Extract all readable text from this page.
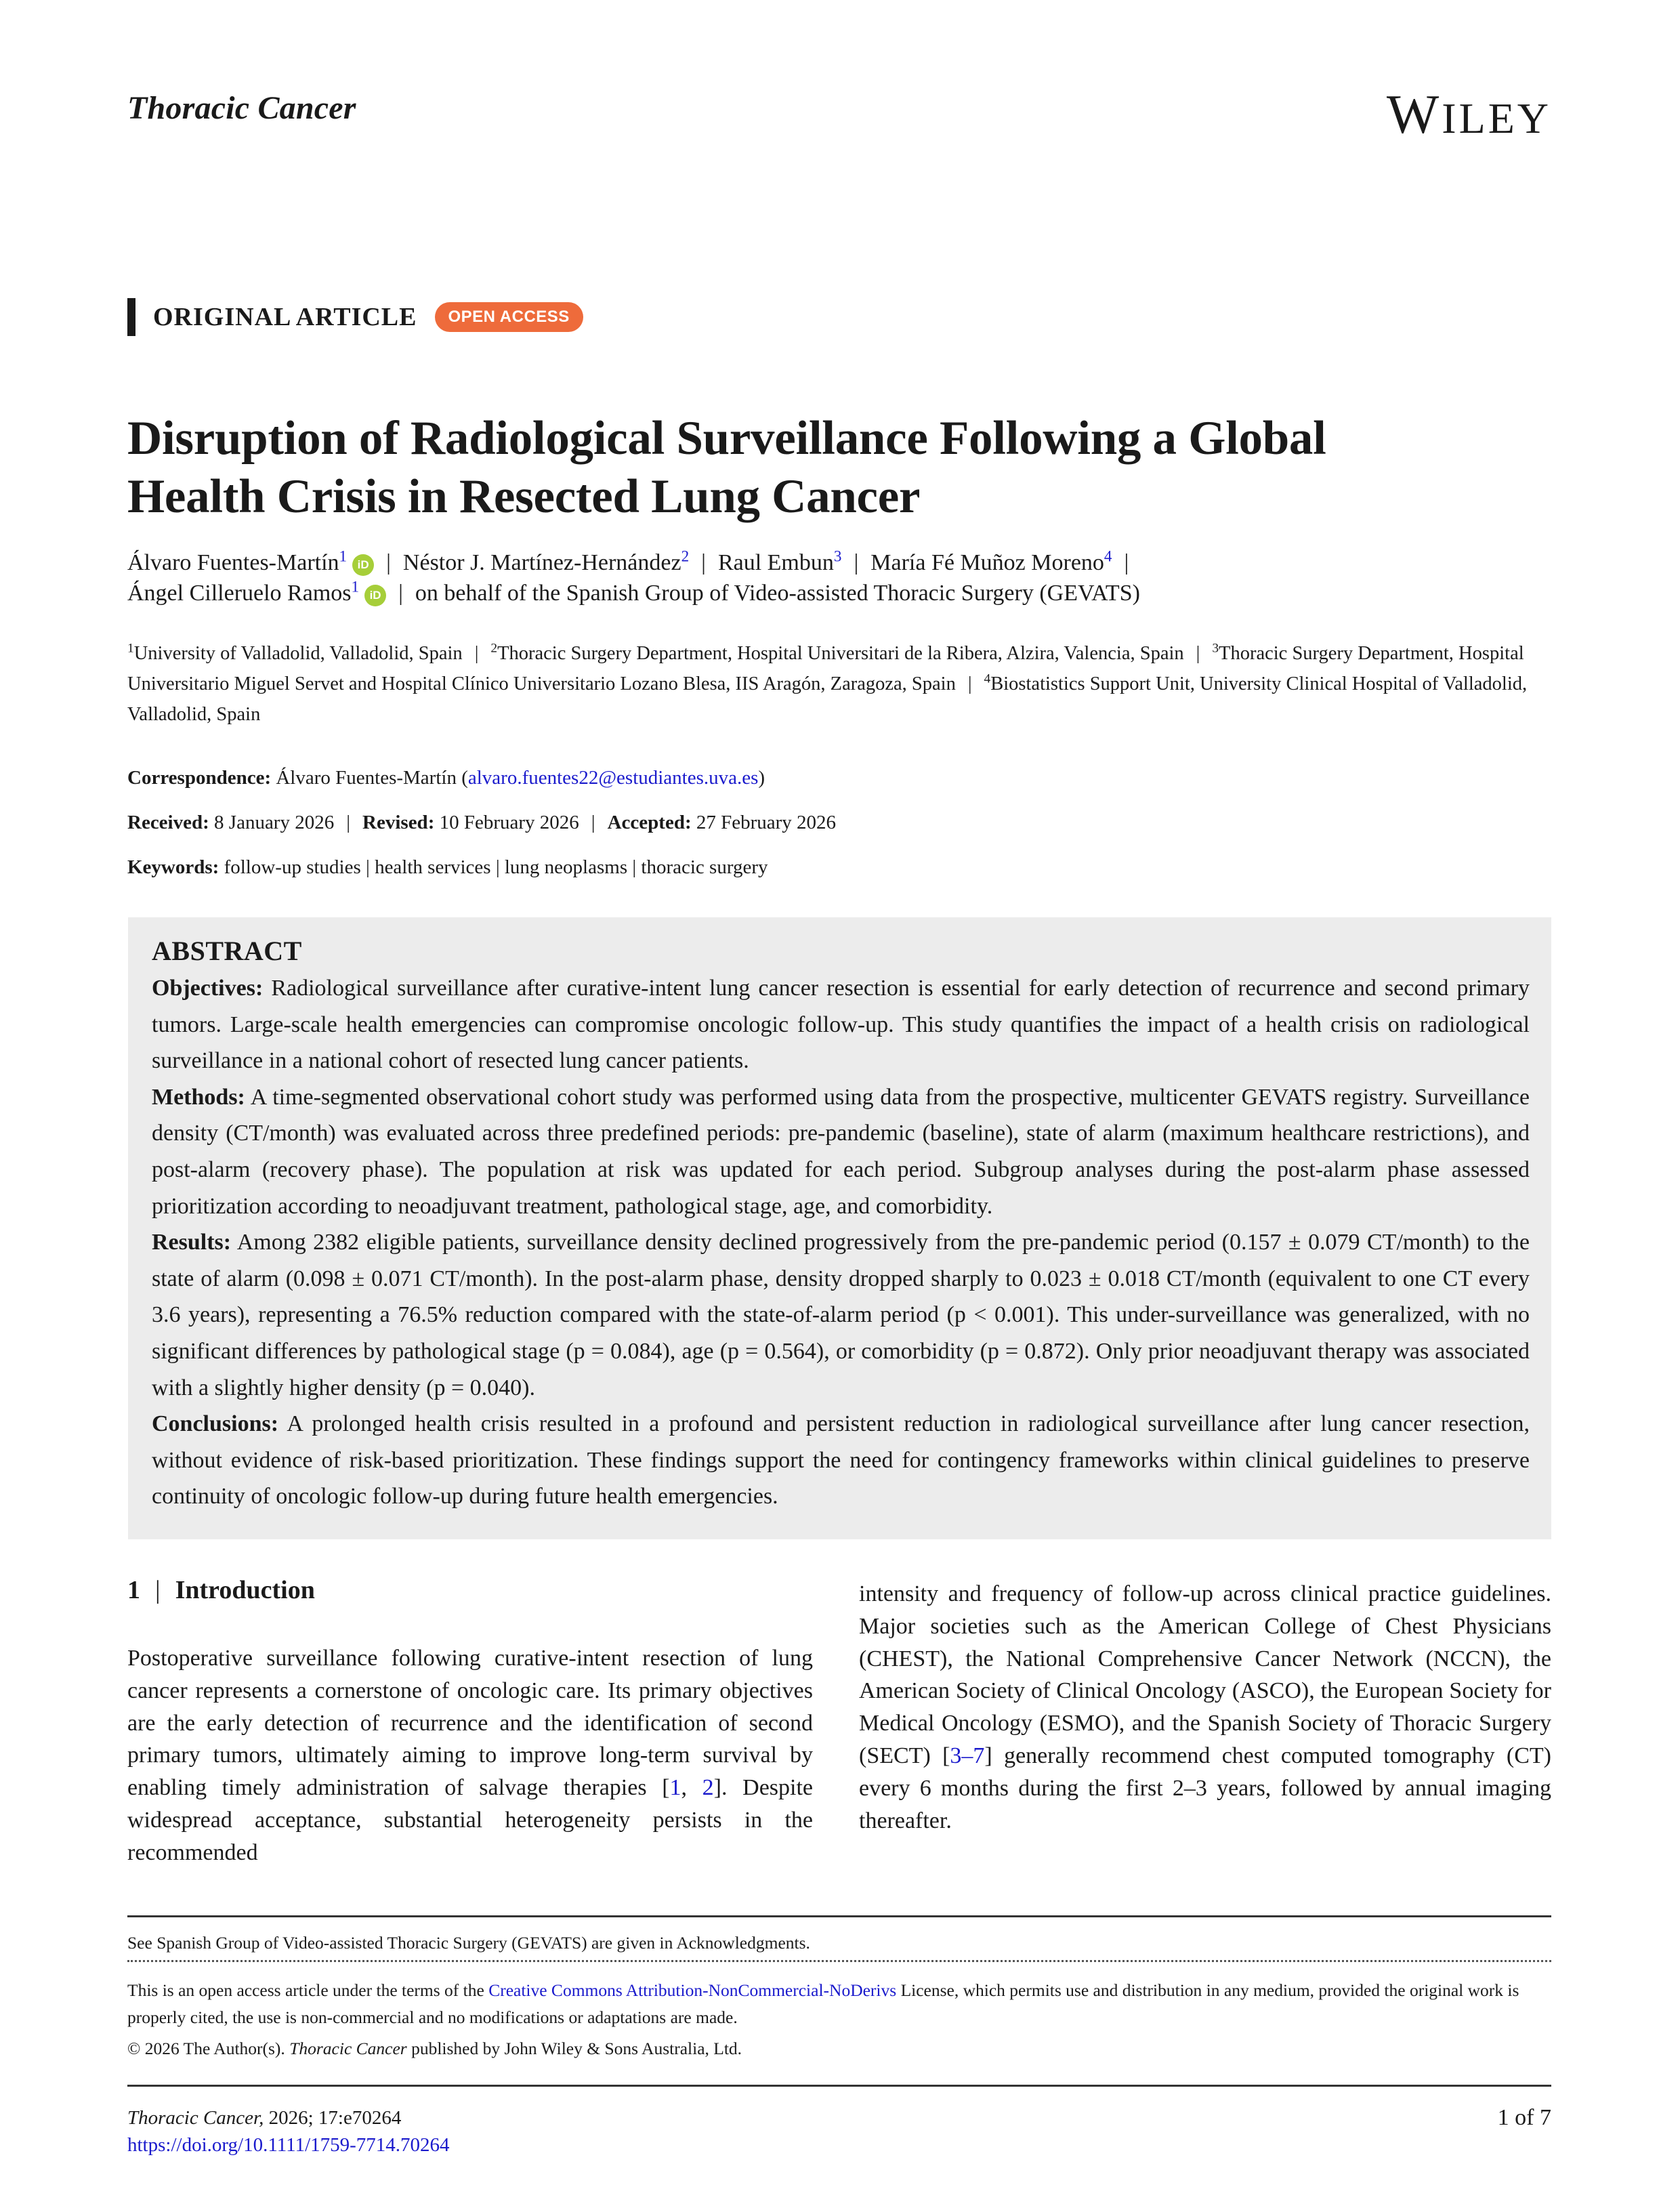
Thoracic Cancer	WILEY
ORIGINAL ARTICLE	OPEN ACCESS
Disruption of Radiological Surveillance Following a Global
Health Crisis in Resected Lung Cancer
Álvaro Fuentes-Martín$^1$ iD | Néstor J. Martínez-Hernández$^2$ | Raul Embun$^3$ | María Fé Muñoz Moreno$^4$ |
Ángel Cilleruelo Ramos$^1$ iD | on behalf of the Spanish Group of Video-assisted Thoracic Surgery (GEVATS)
$^1$University of Valladolid, Valladolid, Spain | $^2$Thoracic Surgery Department, Hospital Universitari de la Ribera, Alzira, Valencia, Spain | $^3$Thoracic Surgery Department, Hospital Universitario Miguel Servet and Hospital Clínico Universitario Lozano Blesa, IIS Aragón, Zaragoza, Spain | $^4$Biostatistics Support Unit, University Clinical Hospital of Valladolid, Valladolid, Spain
Correspondence: Álvaro Fuentes-Martín (alvaro.fuentes22@estudiantes.uva.es)
Received: 8 January 2026 | Revised: 10 February 2026 | Accepted: 27 February 2026
Keywords: follow-up studies | health services | lung neoplasms | thoracic surgery
ABSTRACT

Objectives: Radiological surveillance after curative-intent lung cancer resection is essential for early detection of recurrence and second primary tumors. Large-scale health emergencies can compromise oncologic follow-up. This study quantifies the impact of a health crisis on radiological surveillance in a national cohort of resected lung cancer patients.

Methods: A time-segmented observational cohort study was performed using data from the prospective, multicenter GEVATS registry. Surveillance density (CT/month) was evaluated across three predefined periods: pre-pandemic (baseline), state of alarm (maximum healthcare restrictions), and post-alarm (recovery phase). The population at risk was updated for each period. Subgroup analyses during the post-alarm phase assessed prioritization according to neoadjuvant treatment, pathological stage, age, and comorbidity.

Results: Among 2382 eligible patients, surveillance density declined progressively from the pre-pandemic period (0.157 ± 0.079 CT/month) to the state of alarm (0.098 ± 0.071 CT/month). In the post-alarm phase, density dropped sharply to 0.023 ± 0.018 CT/month (equivalent to one CT every 3.6 years), representing a 76.5% reduction compared with the state-of-alarm period (p < 0.001). This under-surveillance was generalized, with no significant differences by pathological stage (p = 0.084), age (p = 0.564), or comorbidity (p = 0.872). Only prior neoadjuvant therapy was associated with a slightly higher density (p = 0.040).

Conclusions: A prolonged health crisis resulted in a profound and persistent reduction in radiological surveillance after lung cancer resection, without evidence of risk-based prioritization. These findings support the need for contingency frameworks within clinical guidelines to preserve continuity of oncologic follow-up during future health emergencies.

1 | Introduction

Postoperative surveillance following curative-intent resection of lung cancer represents a cornerstone of oncologic care. Its primary objectives are the early detection of recurrence and the identification of second primary tumors, ultimately aiming to improve long-term survival by enabling timely administration of salvage therapies [1, 2]. Despite widespread acceptance, substantial heterogeneity persists in the recommended

intensity and frequency of follow-up across clinical practice guidelines. Major societies such as the American College of Chest Physicians (CHEST), the National Comprehensive Cancer Network (NCCN), the American Society of Clinical Oncology (ASCO), the European Society for Medical Oncology (ESMO), and the Spanish Society of Thoracic Surgery (SECT) [3–7] generally recommend chest computed tomography (CT) every 6 months during the first 2–3 years, followed by annual imaging thereafter.

See Spanish Group of Video-assisted Thoracic Surgery (GEVATS) are given in Acknowledgments.
This is an open access article under the terms of the Creative Commons Attribution-NonCommercial-NoDerivs License, which permits use and distribution in any medium, provided the original work is properly cited, the use is non-commercial and no modifications or adaptations are made.
© 2026 The Author(s). Thoracic Cancer published by John Wiley & Sons Australia, Ltd.
Thoracic Cancer, 2026; 17:e70264
https://doi.org/10.1111/1759-7714.70264
1 of 7
